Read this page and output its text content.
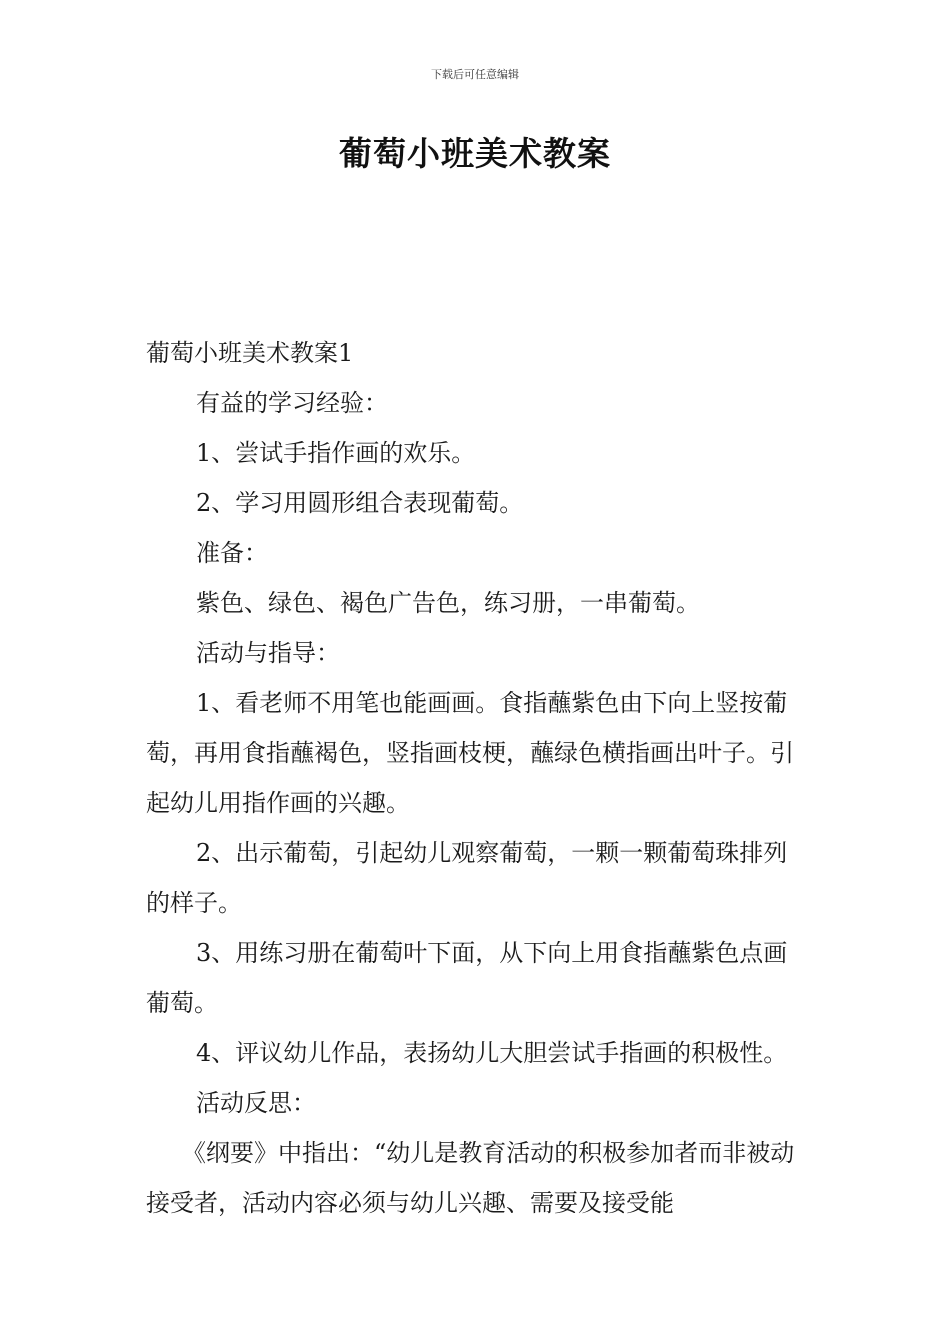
下载后可任意编辑
葡萄小班美术教案

葡萄小班美术教案1

有益的学习经验：

1、尝试手指作画的欢乐。

2、学习用圆形组合表现葡萄。

准备：

紫色、绿色、褐色广告色，练习册，一串葡萄。

活动与指导：

1、看老师不用笔也能画画。食指蘸紫色由下向上竖按葡萄，再用食指蘸褐色，竖指画枝梗，蘸绿色横指画出叶子。引起幼儿用指作画的兴趣。

2、出示葡萄，引起幼儿观察葡萄，一颗一颗葡萄珠排列的样子。

3、用练习册在葡萄叶下面，从下向上用食指蘸紫色点画葡萄。

4、评议幼儿作品，表扬幼儿大胆尝试手指画的积极性。

活动反思：

《纲要》中指出：“幼儿是教育活动的积极参加者而非被动接受者，活动内容必须与幼儿兴趣、需要及接受能
